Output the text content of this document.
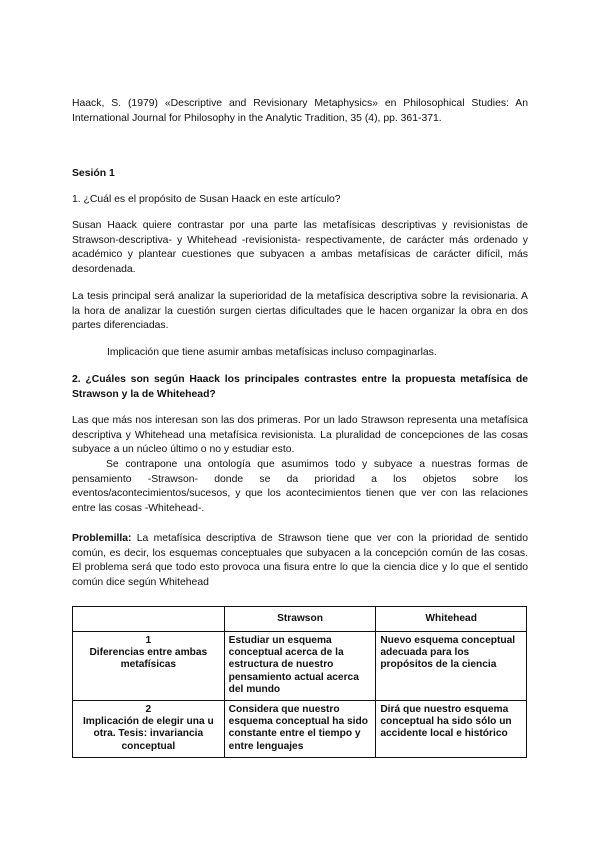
Haack, S. (1979) «Descriptive and Revisionary Metaphysics» en Philosophical Studies: An International Journal for Philosophy in the Analytic Tradition, 35 (4), pp. 361-371.

Sesión 1

1. ¿Cuál es el propósito de Susan Haack en este artículo?

Susan Haack quiere contrastar por una parte las metafísicas descriptivas y revisionistas de Strawson-descriptiva- y Whitehead -revisionista- respectivamente, de carácter más ordenado y académico y plantear cuestiones que subyacen a ambas metafísicas de carácter difícil, más desordenada.

La tesis principal será analizar la superioridad de la metafísica descriptiva sobre la revisionaria. A la hora de analizar la cuestión surgen ciertas dificultades que le hacen organizar la obra en dos partes diferenciadas.

Implicación que tiene asumir ambas metafísicas incluso compaginarlas.

2. ¿Cuáles son según Haack los principales contrastes entre la propuesta metafísica de Strawson y la de Whitehead?

Las que más nos interesan son las dos primeras. Por un lado Strawson representa una metafísica descriptiva y Whitehead una metafísica revisionista. La pluralidad de concepciones de las cosas subyace a un núcleo último o no y estudiar esto.

Se contrapone una ontología que asumimos todo y subyace a nuestras formas de pensamiento -Strawson- donde se da prioridad a los objetos sobre los eventos/acontecimientos/sucesos, y que los acontecimientos tienen que ver con las relaciones entre las cosas -Whitehead-.

Problemilla: La metafísica descriptiva de Strawson tiene que ver con la prioridad de sentido común, es decir, los esquemas conceptuales que subyacen a la concepción común de las cosas. El problema será que todo esto provoca una fisura entre lo que la ciencia dice y lo que el sentido común dice según Whitehead

	Strawson	Whitehead

1
Diferencias entre ambas metafísicas	Estudiar un esquema conceptual acerca de la estructura de nuestro pensamiento actual acerca del mundo	Nuevo esquema conceptual adecuada para los propósitos de la ciencia

2
Implicación de elegir una u otra. Tesis: invariancia conceptual	Considera que nuestro esquema conceptual ha sido constante entre el tiempo y entre lenguajes	Dirá que nuestro esquema conceptual ha sido sólo un accidente local e histórico
